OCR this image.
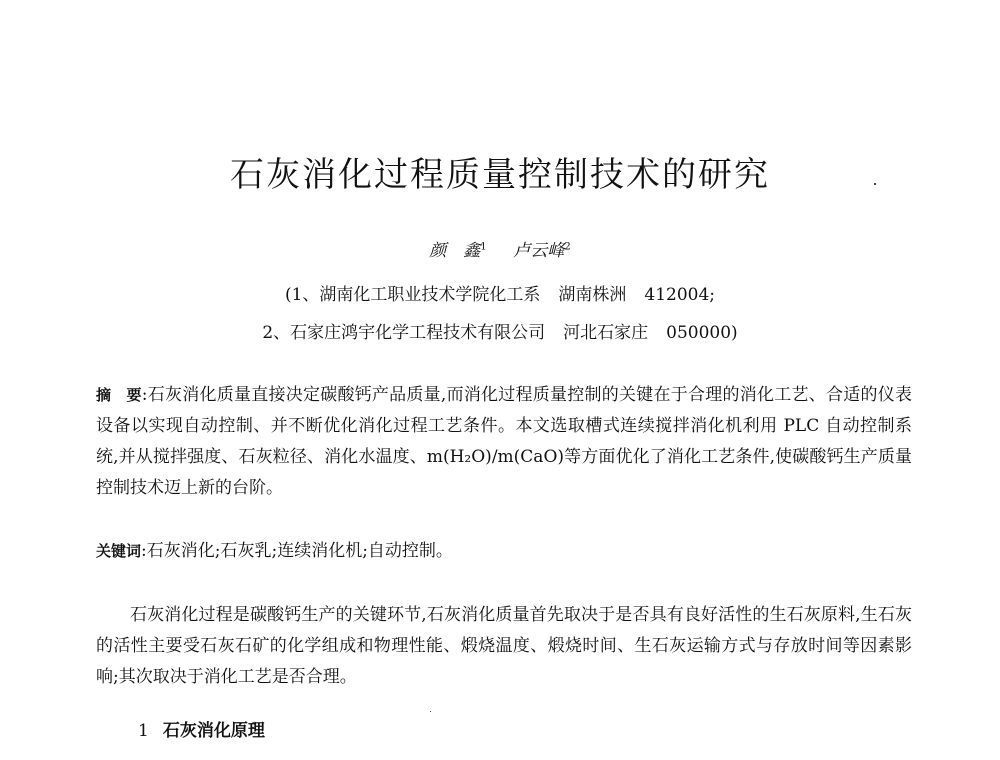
石灰消化过程质量控制技术的研究
颜　鑫$^1$ 卢云峰$^2$
(1、湖南化工职业技术学院化工系 湖南株洲 412004;
2、石家庄鸿宇化学工程技术有限公司 河北石家庄 050000)

摘　要:石灰消化质量直接决定碳酸钙产品质量,而消化过程质量控制的关键在于合理的消化工艺、合适的仪表设备以实现自动控制、并不断优化消化过程工艺条件。本文选取槽式连续搅拌消化机利用 PLC 自动控制系统,并从搅拌强度、石灰粒径、消化水温度、m(H₂O)/m(CaO)等方面优化了消化工艺条件,使碳酸钙生产质量控制技术迈上新的台阶。

关键词:石灰消化;石灰乳;连续消化机;自动控制。

石灰消化过程是碳酸钙生产的关键环节,石灰消化质量首先取决于是否具有良好活性的生石灰原料,生石灰的活性主要受石灰石矿的化学组成和物理性能、煅烧温度、煅烧时间、生石灰运输方式与存放时间等因素影响;其次取决于消化工艺是否合理。

1 石灰消化原理
